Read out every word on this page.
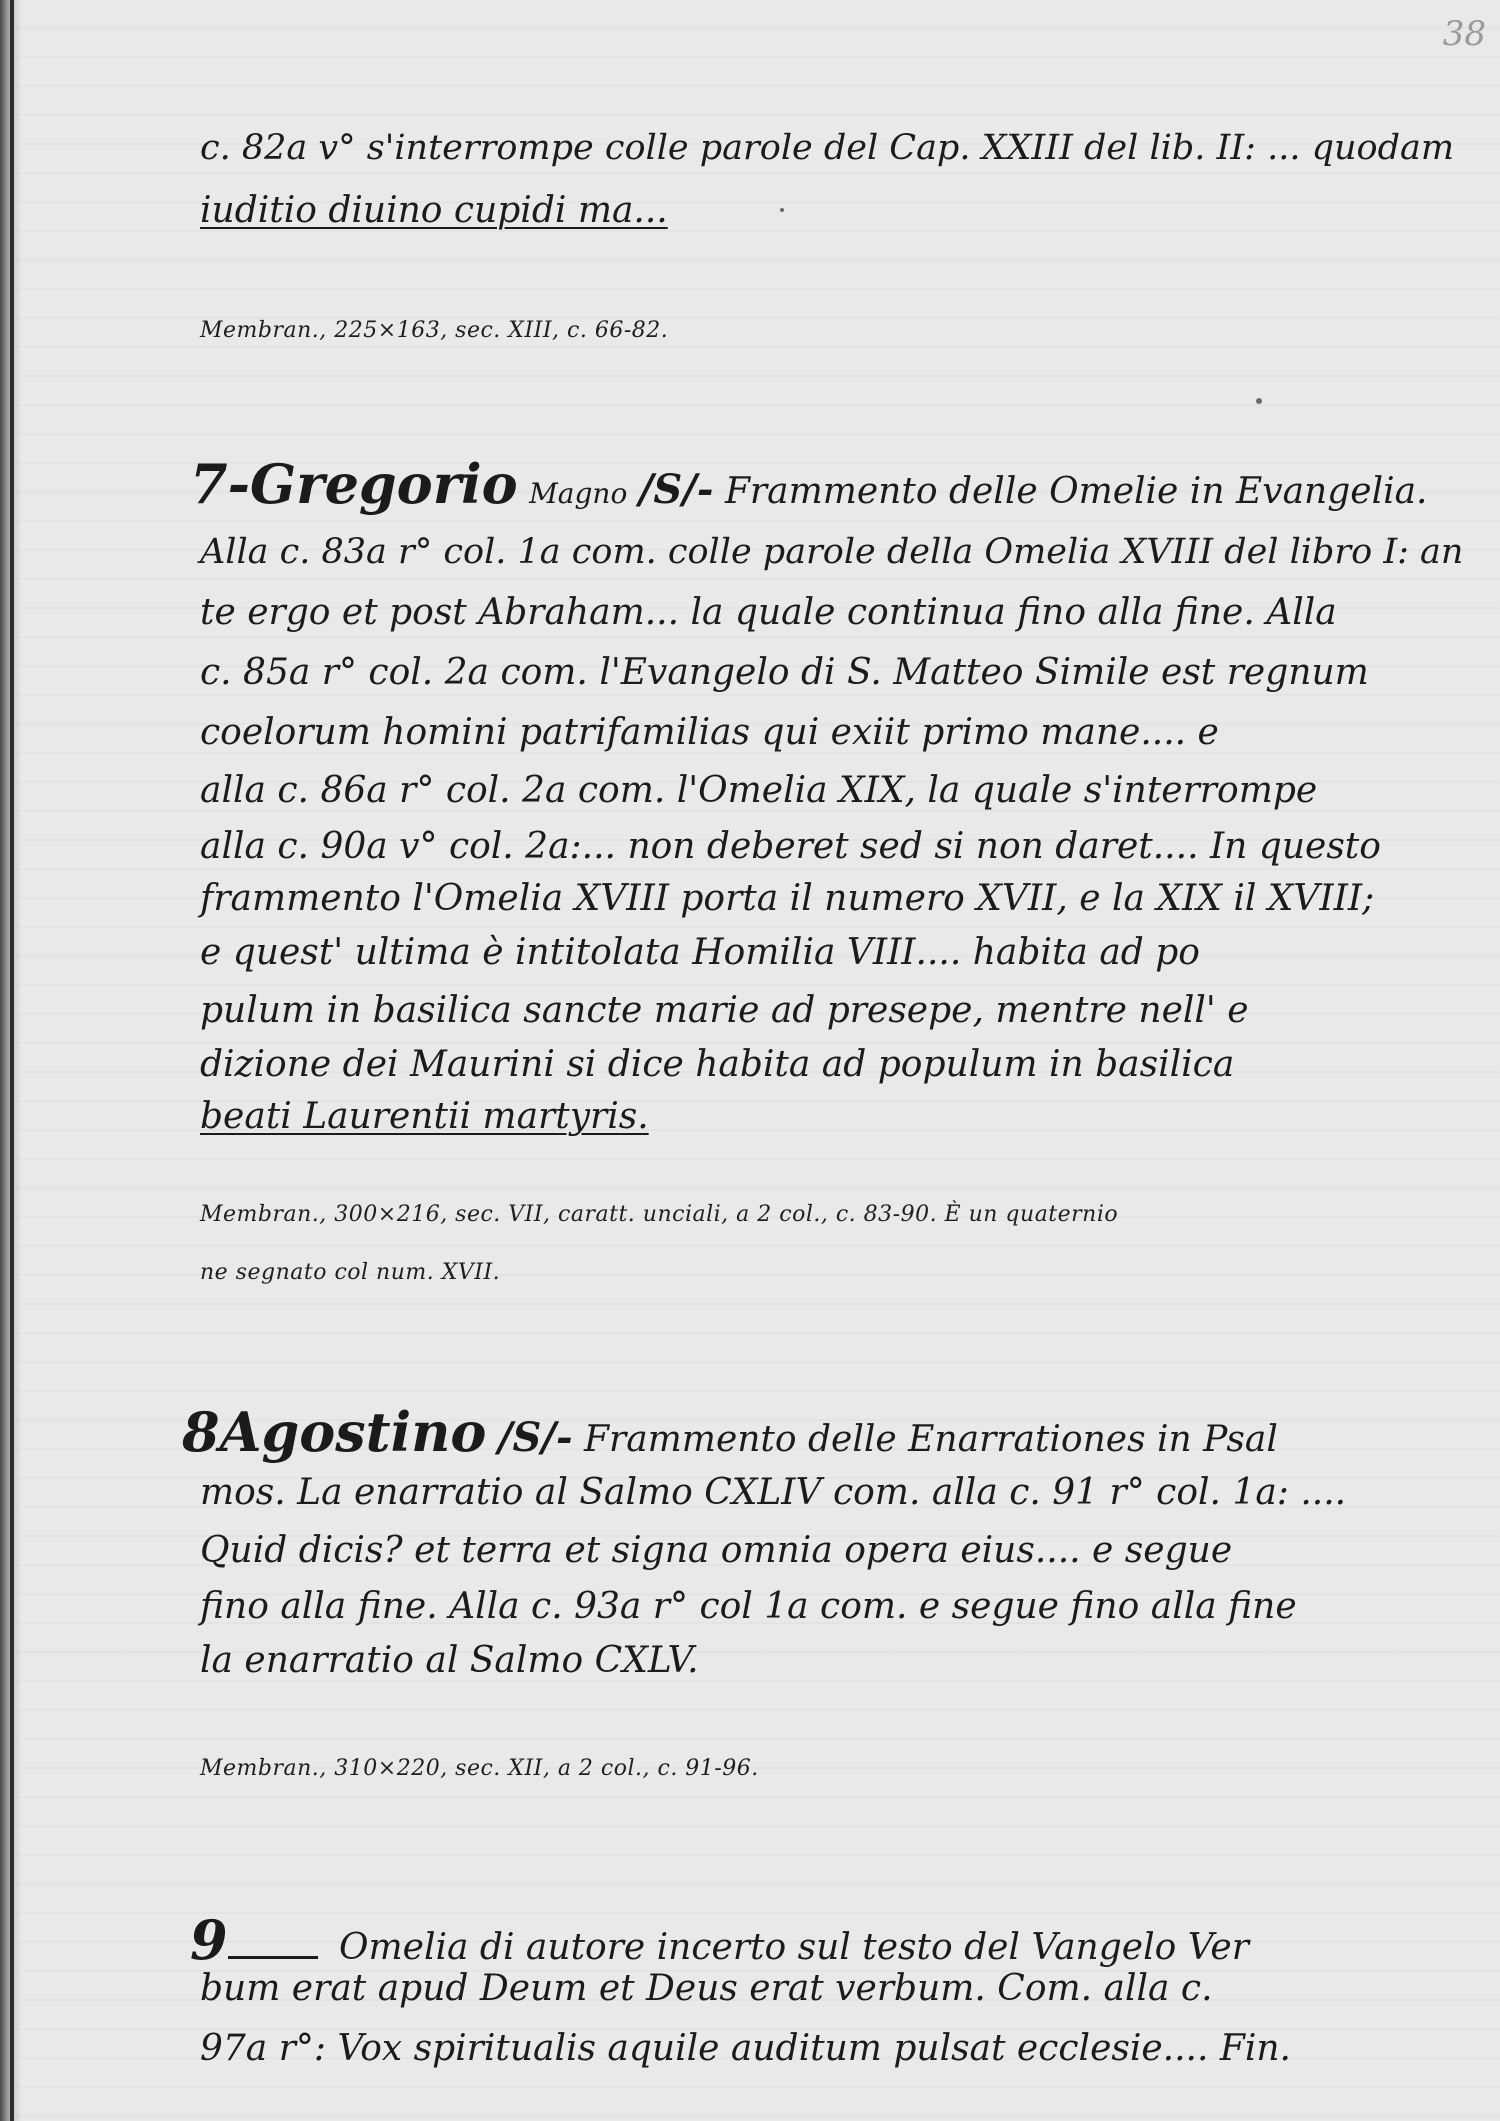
38
c. 82a v° s'interrompe colle parole del Cap. XXIII del lib. II: ... quodam
iuditio diuino cupidi ma...
Membran., 225×163, sec. XIII, c. 66-82.
7-Gregorio Magno /S/- Frammento delle Omelie in Evangelia.
Alla c. 83a r° col. 1a com. colle parole della Omelia XVIII del libro I: an
te ergo et post Abraham... la quale continua fino alla fine. Alla
c. 85a r° col. 2a com. l'Evangelo di S. Matteo Simile est regnum
coelorum homini patrifamilias qui exiit primo mane.... e
alla c. 86a r° col. 2a com. l'Omelia XIX, la quale s'interrompe
alla c. 90a v° col. 2a:... non deberet sed si non daret.... In questo
frammento l'Omelia XVIII porta il numero XVII, e la XIX il XVIII;
e quest' ultima è intitolata Homilia VIII.... habita ad po
pulum in basilica sancte marie ad presepe, mentre nell' e
dizione dei Maurini si dice habita ad populum in basilica
beati Laurentii martyris.
Membran., 300×216, sec. VII, caratt. unciali, a 2 col., c. 83-90. È un quaternio
ne segnato col num. XVII.
8Agostino /S/- Frammento delle Enarrationes in Psal
mos. La enarratio al Salmo CXLIV com. alla c. 91 r° col. 1a: ....
Quid dicis? et terra et signa omnia opera eius.... e segue
fino alla fine. Alla c. 93a r° col 1a com. e segue fino alla fine
la enarratio al Salmo CXLV.
Membran., 310×220, sec. XII, a 2 col., c. 91-96.
9	Omelia di autore incerto sul testo del Vangelo Ver
bum erat apud Deum et Deus erat verbum. Com. alla c.
97a r°: Vox spiritualis aquile auditum pulsat ecclesie.... Fin.
